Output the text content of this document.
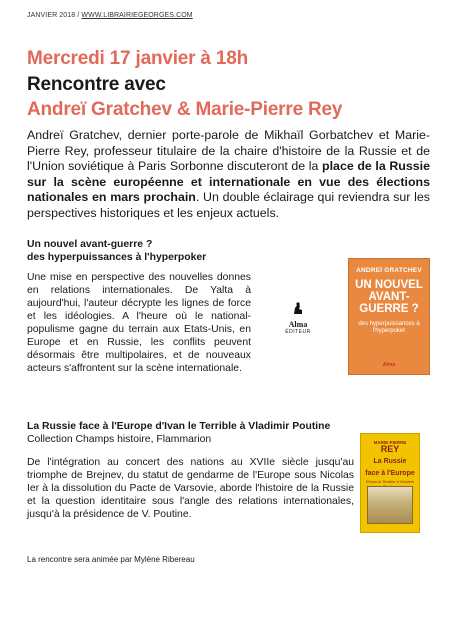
JANVIER 2018 / WWW.LIBRAIRIEGEORGES.COM
Mercredi 17 janvier à 18h
Rencontre avec
Andreï Gratchev & Marie-Pierre Rey
Andreï Gratchev, dernier porte-parole de Mikhaïl Gorbatchev et Marie-Pierre Rey, professeur titulaire de la chaire d'histoire de la Russie et de l'Union soviétique à Paris Sorbonne discuteront de la place de la Russie sur la scène européenne et internationale en vue des élections nationales en mars prochain. Un double éclairage qui reviendra sur les perspectives historiques et les enjeux actuels.
Un nouvel avant-guerre ?
des hyperpuissances à l'hyperpoker
Une mise en perspective des nouvelles donnes en relations internationales. De Yalta à aujourd'hui, l'auteur décrypte les lignes de force et les idéologies. A l'heure où le national-populisme gagne du terrain aux Etats-Unis, en Europe et en Russie, les conflits peuvent désormais être multipolaires, et de nouveaux acteurs s'affrontent sur la scène internationale.
Alma
ÉDITEUR
ANDREÏ GRATCHEV
UN NOUVEL
AVANT-GUERRE ?
des hyperpuissances à l'hyperpoker
Alma
La Russie face à l'Europe d'Ivan le Terrible à Vladimir Poutine
Collection Champs histoire, Flammarion
De l'intégration au concert des nations au XVIIe siècle jusqu'au triomphe de Brejnev, du statut de gendarme de l'Europe sous Nicolas Ier à la dissolution du Pacte de Varsovie, aborde l'histoire de la Russie et la question identitaire sous l'angle des relations internationales, jusqu'à la présidence de V. Poutine.
MARIE-PIERRE
REY
La Russie
face à l'Europe
D'Ivan le Terrible à Vladimir
La rencontre sera animée par Mylène Ribereau
